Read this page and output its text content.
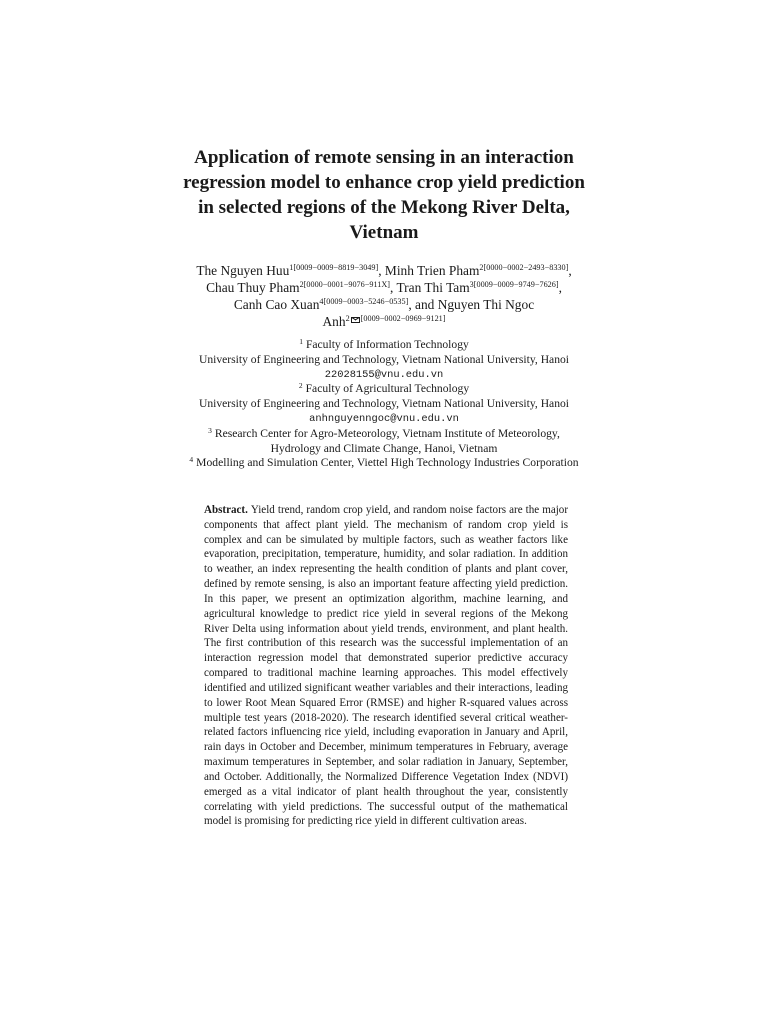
Application of remote sensing in an interaction
regression model to enhance crop yield prediction
in selected regions of the Mekong River Delta,
Vietnam
The Nguyen Huu$^{1[0009-0009-8819-3049]}$, Minh Trien Pham$^{2[0000-0002-2493-8330]}$,
Chau Thuy Pham$^{2[0000-0001-9076-911X]}$, Tran Thi Tam$^{3[0009-0009-9749-7626]}$,
Canh Cao Xuan$^{4[0009-0003-5246-0535]}$, and Nguyen Thi Ngoc
Anh$^2$ [0009−0002−0969−9121]
$^1$ Faculty of Information Technology
University of Engineering and Technology, Vietnam National University, Hanoi
22028155@vnu.edu.vn
$^2$ Faculty of Agricultural Technology
University of Engineering and Technology, Vietnam National University, Hanoi
anhnguyenngoc@vnu.edu.vn
$^3$ Research Center for Agro-Meteorology, Vietnam Institute of Meteorology,
Hydrology and Climate Change, Hanoi, Vietnam
$^4$ Modelling and Simulation Center, Viettel High Technology Industries Corporation
Abstract. Yield trend, random crop yield, and random noise factors are the major components that affect plant yield. The mechanism of random crop yield is complex and can be simulated by multiple factors, such as weather factors like evaporation, precipitation, temperature, humidity, and solar radiation. In addition to weather, an index representing the health condition of plants and plant cover, defined by remote sensing, is also an important feature affecting yield prediction. In this paper, we present an optimization algorithm, machine learning, and agricultural knowledge to predict rice yield in several regions of the Mekong River Delta using information about yield trends, environment, and plant health. The first contribution of this research was the successful implementation of an interaction regression model that demonstrated superior predictive accuracy compared to traditional machine learning approaches. This model effectively identified and utilized significant weather variables and their interactions, leading to lower Root Mean Squared Error (RMSE) and higher R-squared values across multiple test years (2018-2020). The research identified several critical weather-related factors influencing rice yield, including evaporation in January and April, rain days in October and December, minimum temperatures in February, average maximum temperatures in September, and solar radiation in January, September, and October. Additionally, the Normalized Difference Vegetation Index (NDVI) emerged as a vital indicator of plant health throughout the year, consistently correlating with yield predictions. The successful output of the mathematical model is promising for predicting rice yield in different cultivation areas.
